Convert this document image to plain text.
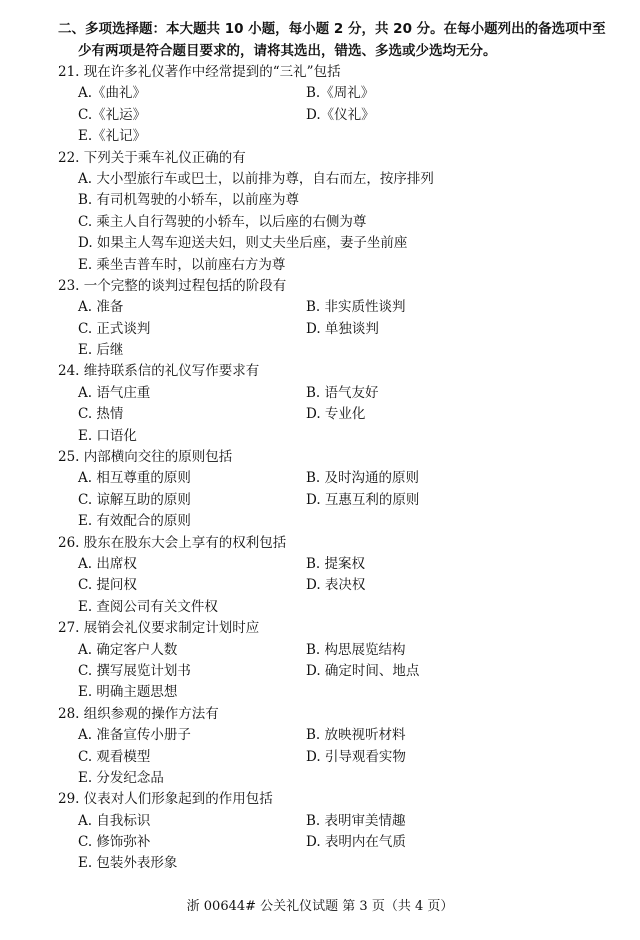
二、多项选择题：本大题共 10 小题，每小题 2 分，共 20 分。在每小题列出的备选项中至
少有两项是符合题目要求的，请将其选出，错选、多选或少选均无分。
21. 现在许多礼仪著作中经常提到的“三礼”包括
A.《曲礼》	B.《周礼》
C.《礼运》	D.《仪礼》
E.《礼记》
22. 下列关于乘车礼仪正确的有
A. 大小型旅行车或巴士，以前排为尊，自右而左，按序排列
B. 有司机驾驶的小轿车，以前座为尊
C. 乘主人自行驾驶的小轿车，以后座的右侧为尊
D. 如果主人驾车迎送夫妇，则丈夫坐后座，妻子坐前座
E. 乘坐吉普车时，以前座右方为尊
23. 一个完整的谈判过程包括的阶段有
A. 准备	B. 非实质性谈判
C. 正式谈判	D. 单独谈判
E. 后继
24. 维持联系信的礼仪写作要求有
A. 语气庄重	B. 语气友好
C. 热情	D. 专业化
E. 口语化
25. 内部横向交往的原则包括
A. 相互尊重的原则	B. 及时沟通的原则
C. 谅解互助的原则	D. 互惠互利的原则
E. 有效配合的原则
26. 股东在股东大会上享有的权利包括
A. 出席权	B. 提案权
C. 提问权	D. 表决权
E. 查阅公司有关文件权
27. 展销会礼仪要求制定计划时应
A. 确定客户人数	B. 构思展览结构
C. 撰写展览计划书	D. 确定时间、地点
E. 明确主题思想
28. 组织参观的操作方法有
A. 准备宣传小册子	B. 放映视听材料
C. 观看模型	D. 引导观看实物
E. 分发纪念品
29. 仪表对人们形象起到的作用包括
A. 自我标识	B. 表明审美情趣
C. 修饰弥补	D. 表明内在气质
E. 包装外表形象
浙 00644# 公关礼仪试题 第 3 页（共 4 页）
